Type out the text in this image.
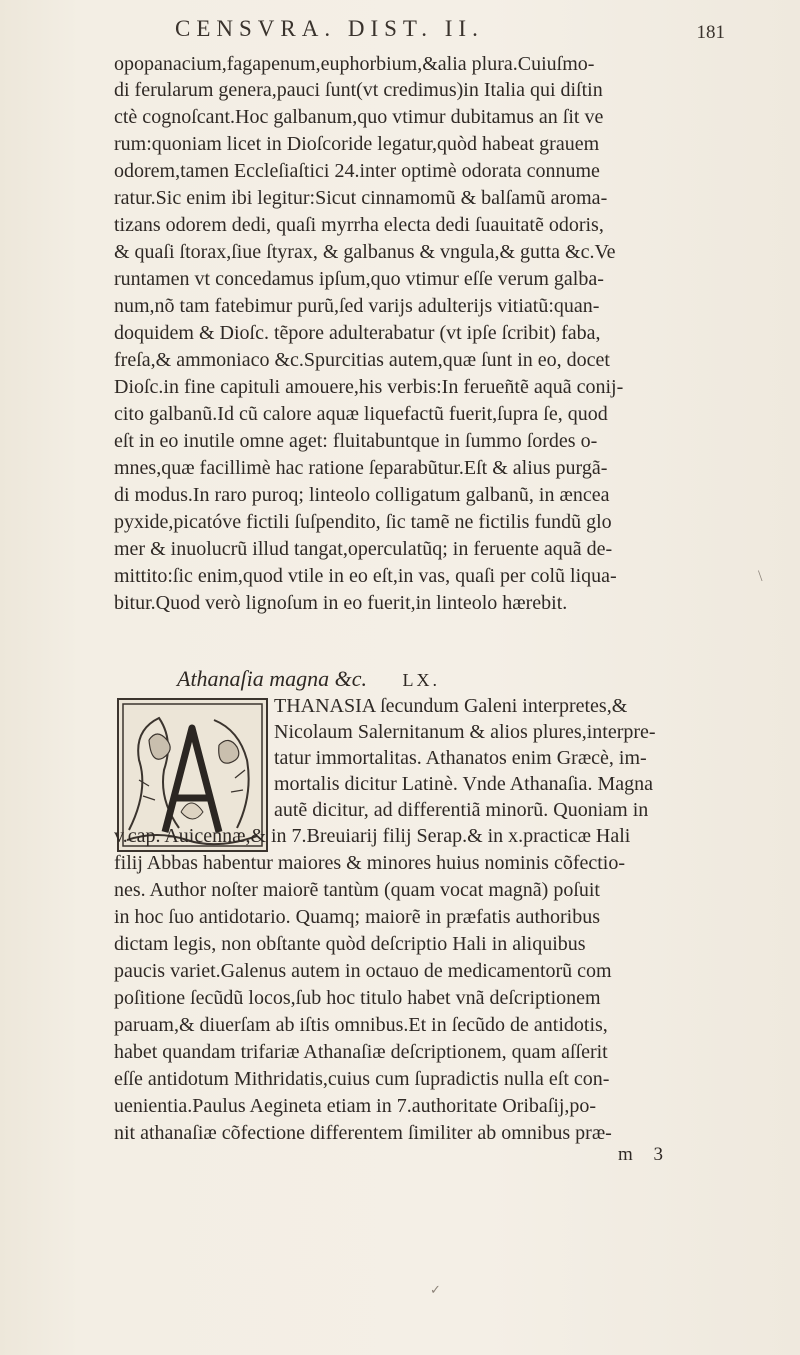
CENSVRA. DIST. II.	181
opopanacium,fagapenum,euphorbium,&alia plura.Cuiuſmo-
di ferularum genera,pauci ſunt(vt credimus)in Italia qui diſtin
ctè cognoſcant.Hoc galbanum,quo vtimur dubitamus an ſit ve
rum:quoniam licet in Dioſcoride legatur,quòd habeat grauem
odorem,tamen Eccleſiaſtici 24.inter optimè odorata connume
ratur.Sic enim ibi legitur:Sicut cinnamomũ & balſamũ aroma-
tizans odorem dedi, quaſi myrrha electa dedi ſuauitatẽ odoris,
& quaſi ſtorax,ſiue ſtyrax, & galbanus & vngula,& gutta &c.Ve
runtamen vt concedamus ipſum,quo vtimur eſſe verum galba-
num,nõ tam fatebimur purũ,ſed varijs adulterijs vitiatũ:quan-
doquidem & Dioſc. tẽpore adulterabatur (vt ipſe ſcribit) faba,
freſa,& ammoniaco &c.Spurcitias autem,quæ ſunt in eo, docet
Dioſc.in fine capituli amouere,his verbis:In ferueñtẽ aquã conij-
cito galbanũ.Id cũ calore aquæ liquefactũ fuerit,ſupra ſe, quod
eſt in eo inutile omne aget: fluitabuntque in ſummo ſordes o-
mnes,quæ facillimè hac ratione ſeparabũtur.Eſt & alius purgã-
di modus.In raro puroq; linteolo colligatum galbanũ, in æncea
pyxide,picatóve fictili ſuſpendito, ſic tamẽ ne fictilis fundũ glo
mer & inuolucrũ illud tangat,operculatũq; in feruente aquã de-
mittito:ſic enim,quod vtile in eo eſt,in vas, quaſi per colũ liqua-
bitur.Quod verò lignoſum in eo fuerit,in linteolo hærebit.
\
Athanaſia magna &c. LX.
THANASIA ſecundum Galeni interpretes,&
Nicolaum Salernitanum & alios plures,interpre-
tatur immortalitas. Athanatos enim Græcè, im-
mortalis dicitur Latinè. Vnde Athanaſia. Magna
autẽ dicitur, ad differentiã minorũ. Quoniam in
v.cap. Auicennæ,& in 7.Breuiarij filij Serap.& in x.practicæ Hali
filij Abbas habentur maiores & minores huius nominis cõfectio-
nes. Author noſter maiorẽ tantùm (quam vocat magnã) poſuit
in hoc ſuo antidotario. Quamq; maiorẽ in præfatis authoribus
dictam legis, non obſtante quòd deſcriptio Hali in aliquibus
paucis variet.Galenus autem in octauo de medicamentorũ com
poſitione ſecũdũ locos,ſub hoc titulo habet vnã deſcriptionem
paruam,& diuerſam ab iſtis omnibus.Et in ſecũdo de antidotis,
habet quandam trifariæ Athanaſiæ deſcriptionem, quam aſſerit
eſſe antidotum Mithridatis,cuius cum ſupradictis nulla eſt con-
uenientia.Paulus Aegineta etiam in 7.authoritate Oribaſij,po-
nit athanaſiæ cõfectione differentem ſimiliter ab omnibus præ-
m 3
✓
